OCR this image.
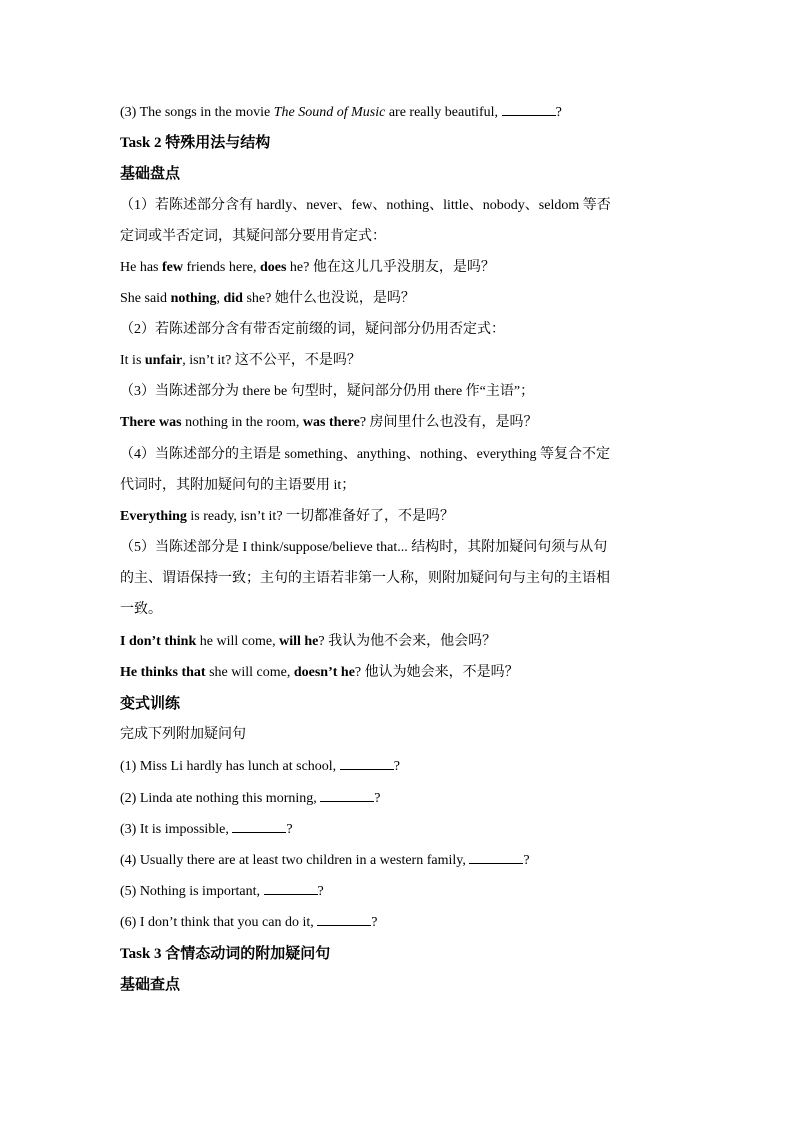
(3) The songs in the movie The Sound of Music are really beautiful,	?
Task 2 特殊用法与结构
基础盘点
（1）若陈述部分含有 hardly、never、few、nothing、little、nobody、seldom 等否
定词或半否定词，其疑问部分要用肯定式：
He has few friends here, does he? 他在这儿几乎没朋友，是吗？
She said nothing, did she? 她什么也没说，是吗？
（2）若陈述部分含有带否定前缀的词，疑问部分仍用否定式：
It is unfair, isn’t it? 这不公平，不是吗？
（3）当陈述部分为 there be 句型时，疑问部分仍用 there 作“主语”；
There was nothing in the room, was there? 房间里什么也没有，是吗？
（4）当陈述部分的主语是 something、anything、nothing、everything 等复合不定
代词时，其附加疑问句的主语要用 it；
Everything is ready, isn’t it? 一切都准备好了，不是吗？
（5）当陈述部分是 I think/suppose/believe that... 结构时，其附加疑问句须与从句
的主、谓语保持一致；主句的主语若非第一人称，则附加疑问句与主句的主语相
一致。
I don’t think he will come, will he? 我认为他不会来，他会吗？
He thinks that she will come, doesn’t he? 他认为她会来，不是吗？
变式训练
完成下列附加疑问句
(1) Miss Li hardly has lunch at school,	?
(2) Linda ate nothing this morning,	?
(3) It is impossible,	?
(4) Usually there are at least two children in a western family,	?
(5) Nothing is important,	?
(6) I don’t think that you can do it,	?
Task 3 含情态动词的附加疑问句
基础查点
